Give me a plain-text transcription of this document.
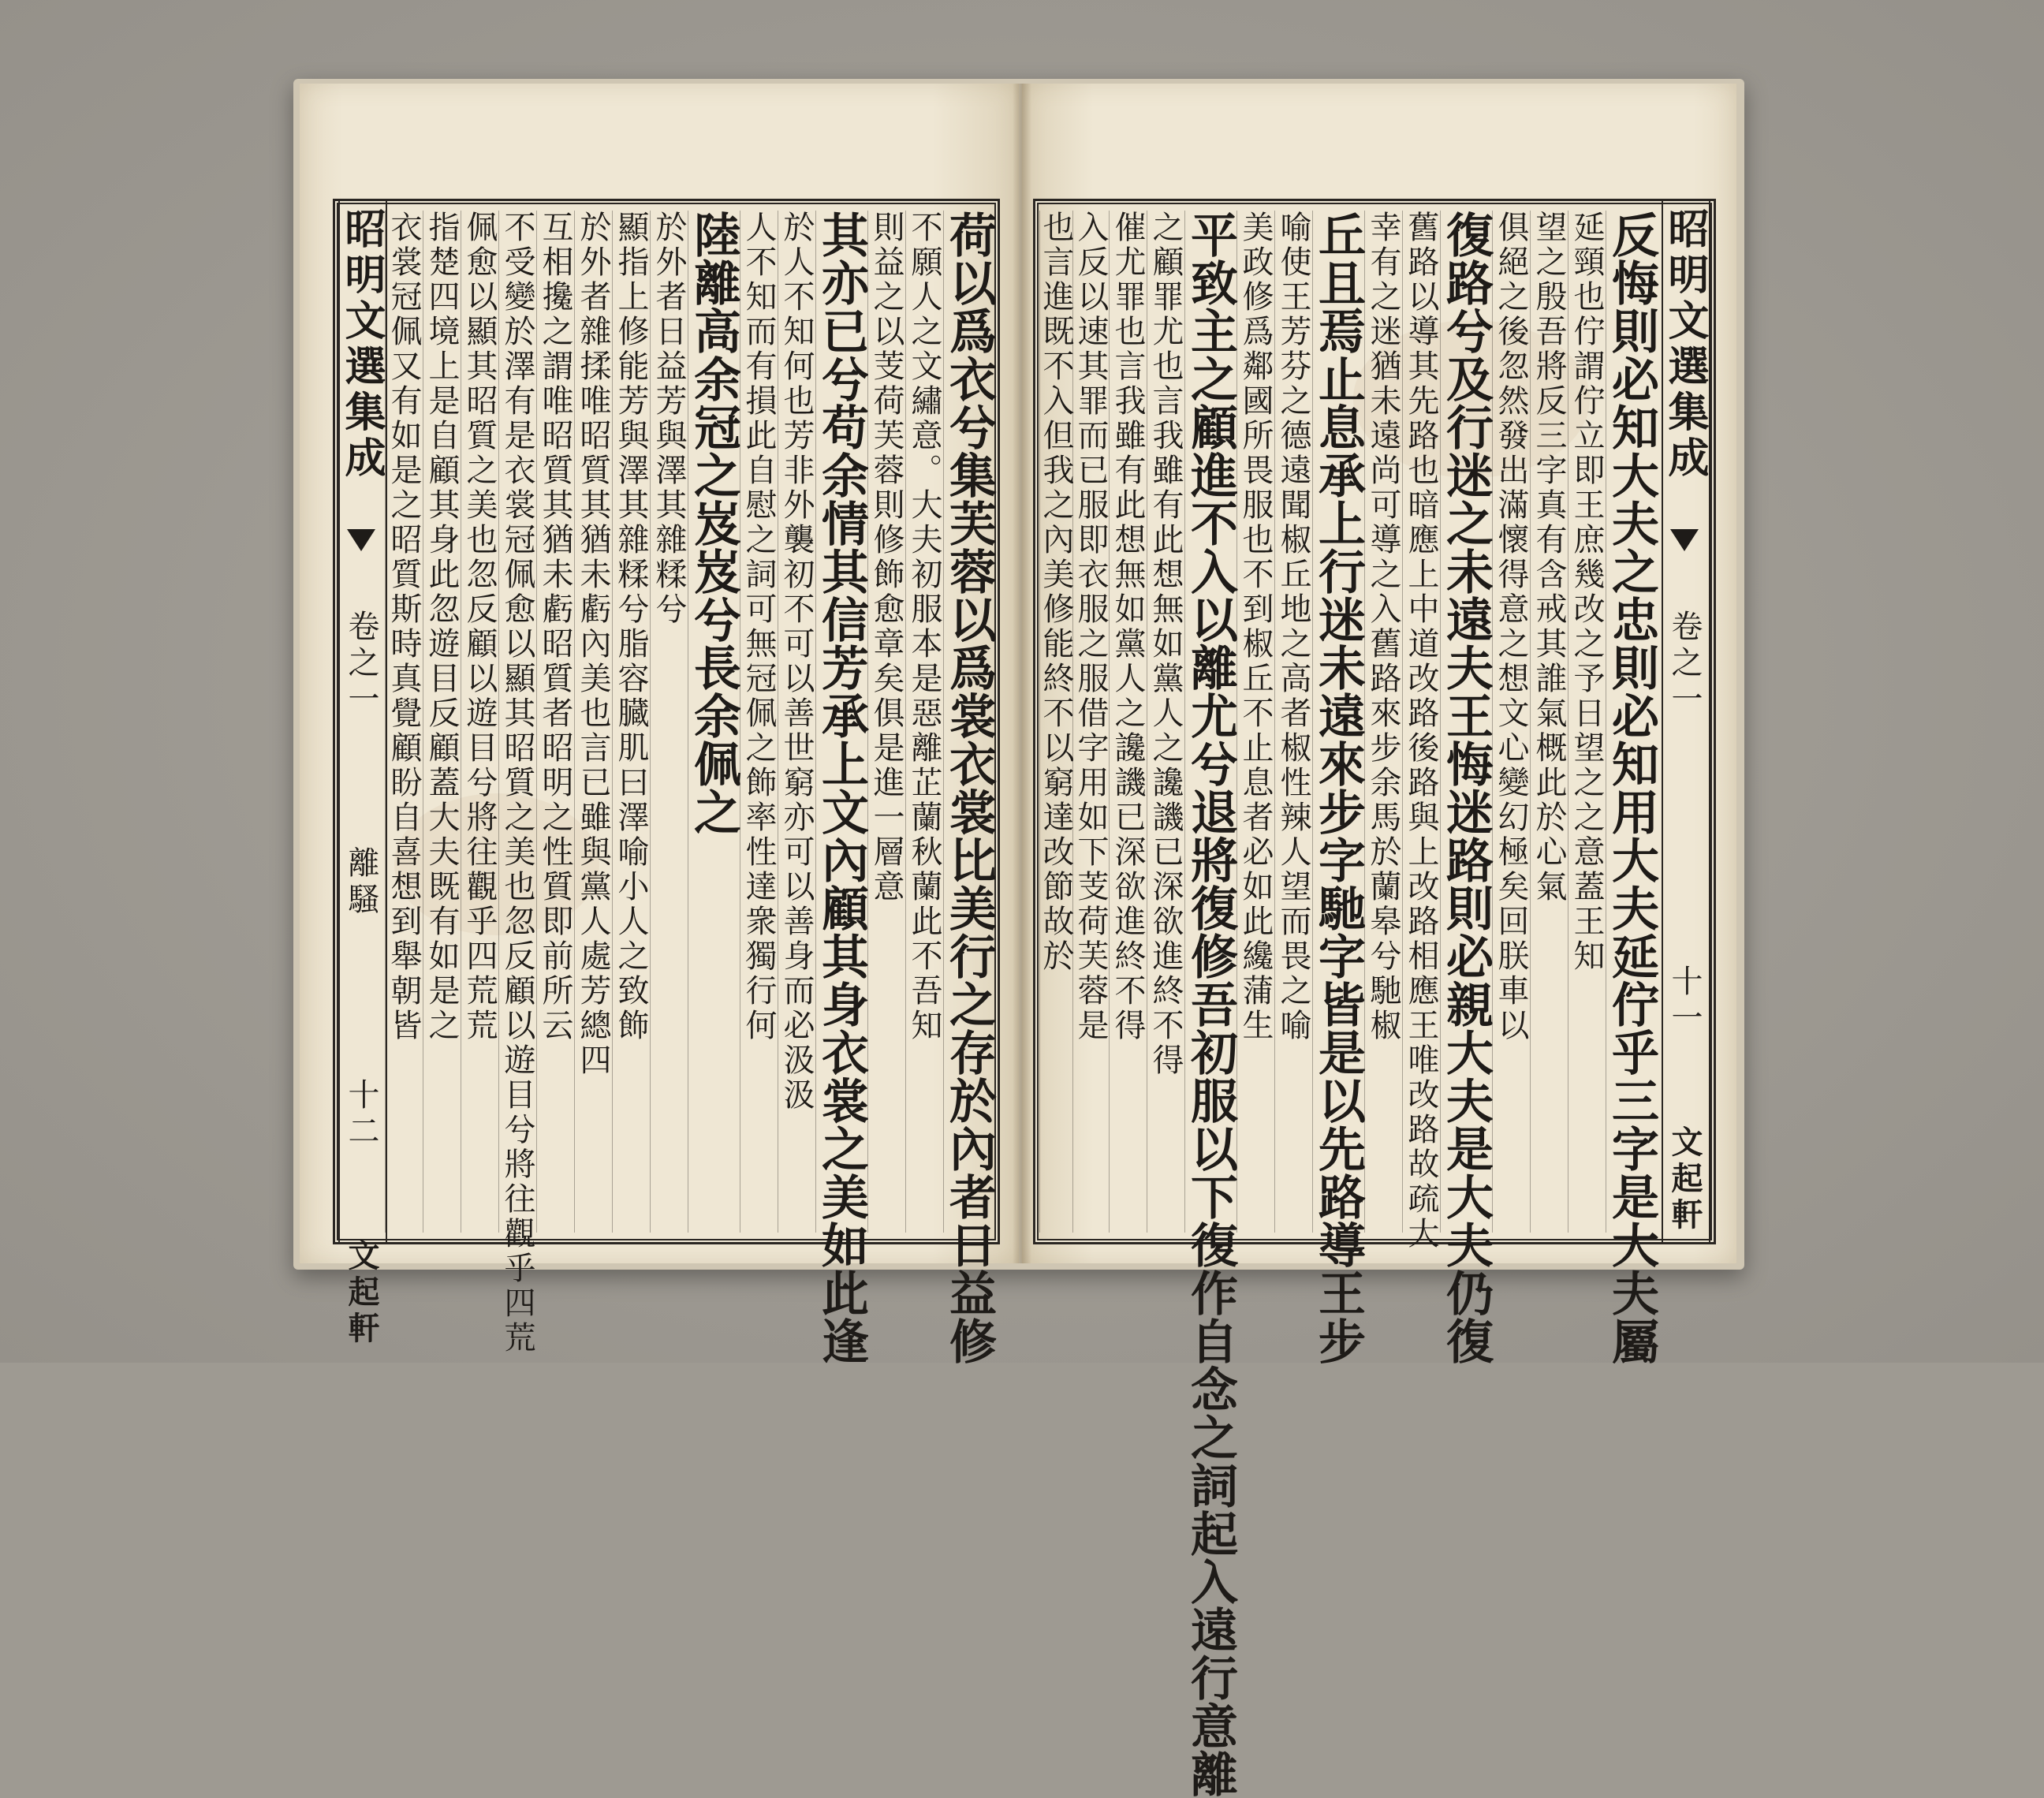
荷以爲衣兮集芙蓉以爲裳衣裳比美行之存於內者日益修
不願人之文繡意。大夫初服本是惡離芷蘭秋蘭此不吾知
則益之以芰荷芙蓉則修飾愈章矣俱是進一層意
其亦已兮苟余情其信芳承上文內顧其身衣裳之美如此逢
於人不知何也芳非外襲初不可以善世窮亦可以善身而必汲汲
人不知而有損此自慰之詞可無冠佩之飾率性達衆獨行何
陸離高余冠之岌岌兮長余佩之
於外者日益芳與澤其雜糅兮
顯指上修能芳與澤其雜糅兮脂容臓肌曰澤喻小人之致飾
於外者雜揉唯昭質其猶未虧內美也言已雖與黨人處芳總四
互相攙之謂唯昭質其猶未虧昭質者昭明之性質即前所云
不受變於澤有是衣裳冠佩愈以顯其昭質之美也忽反顧以遊目兮將往觀乎四荒
佩愈以顯其昭質之美也忽反顧以遊目兮將往觀乎四荒荒
指楚四境上是自顧其身此忽遊目反顧蓋大夫既有如是之
衣裳冠佩又有如是之昭質斯時真覺顧盼自喜想到舉朝皆
昭明文選集成  卷之一 離騷 十二 文起軒
昭明文選集成  卷之一 十一 文起軒
反悔則必知大夫之忠則必知用大夫延佇乎三字是大夫屬
延頸也佇謂佇立即王庶幾改之予日望之之意蓋王知
望之殷吾將反三字真有含戒其誰氣概此於心氣
俱絕之後忽然發出滿懷得意之想文心變幻極矣回朕車以
復路兮及行迷之未遠夫王悔迷路則必親大夫是大夫仍復
舊路以導其先路也暗應上中道改路後路與上改路相應王唯改路故疏大
幸有之迷猶未遠尚可導之入舊路來步余馬於蘭皋兮馳椒
丘且焉止息承上行迷未遠來步字馳字皆是以先路導王步
喻使王芳芬之德遠聞椒丘地之高者椒性辣人望而畏之喻
美政修爲鄰國所畏服也不到椒丘不止息者必如此纔蒲生
平致主之顧進不入以離尤兮退將復修吾初服以下復作自念之詞起入遠行意離
之顧罪尤也言我雖有此想無如黨人之讒譏已深欲進終不得
催尤罪也言我雖有此想無如黨人之讒譏已深欲進終不得
入反以速其罪而已服即衣服之服借字用如下芰荷芙蓉是
也言進既不入但我之內美修能終不以窮達改節故於
